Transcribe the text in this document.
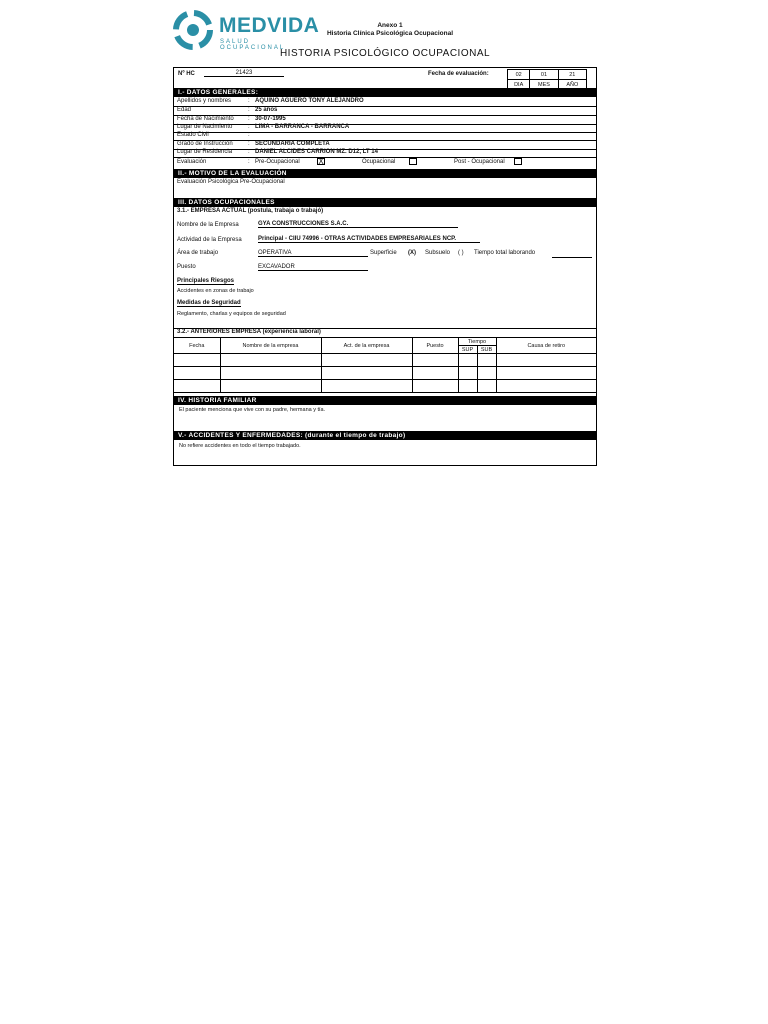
MEDVIDA
SALUD OCUPACIONAL
Anexo 1
Historia Clínica Psicológica Ocupacional
HISTORIA PSICOLÓGICO OCUPACIONAL
Nº HC	21423	Fecha de evaluación:	02	01	21
DIA	MES	AÑO
I.- DATOS GENERALES:
Apellidos y nombres	: AQUINO AGUERO TONY ALEJANDRO
Edad	: 25 años
Fecha de Nacimiento : 30-07-1995
Lugar de Nacimiento	: LIMA - BARRANCA - BARRANCA
Estado Civil	:
Grado de Instrucción	: SECUNDARIA COMPLETA
Lugar de Residencia	: DANIEL ALCIDES CARRION MZ. D12, LT 14
Evaluación	: Pre-Ocupacional X	Ocupacional	Post - Ocupacional
II.- MOTIVO DE LA EVALUACIÓN
Evaluación Psicológica Pre-Ocupacional
III. DATOS OCUPACIONALES
3.1.- EMPRESA ACTUAL (postula, trabaja o trabajó)
Nombre de la Empresa	GYA CONSTRUCCIONES S.A.C.
Actividad de la Empresa	Principal - CIIU 74996 - OTRAS ACTIVIDADES EMPRESARIALES NCP.
Área de trabajo	OPERATIVA	Superficie (X) Subsuelo ( ) Tiempo total laborando
Puesto	EXCAVADOR
Principales Riesgos
Accidentes en zonas de trabajo
Medidas de Seguridad
Reglamento, charlas y equipos de seguridad
3.2.- ANTERIORES EMPRESA (experiencia laboral)
Fecha	Nombre de la empresa	Act. de la empresa	Puesto	Tiempo		Causa de retiro
				SUP	SUB	

IV. HISTORIA FAMILIAR
El paciente menciona que vive con su padre, hermana y tía.
V.- ACCIDENTES Y ENFERMEDADES: (durante el tiempo de trabajo)
No refiere accidentes en todo el tiempo trabajado.
